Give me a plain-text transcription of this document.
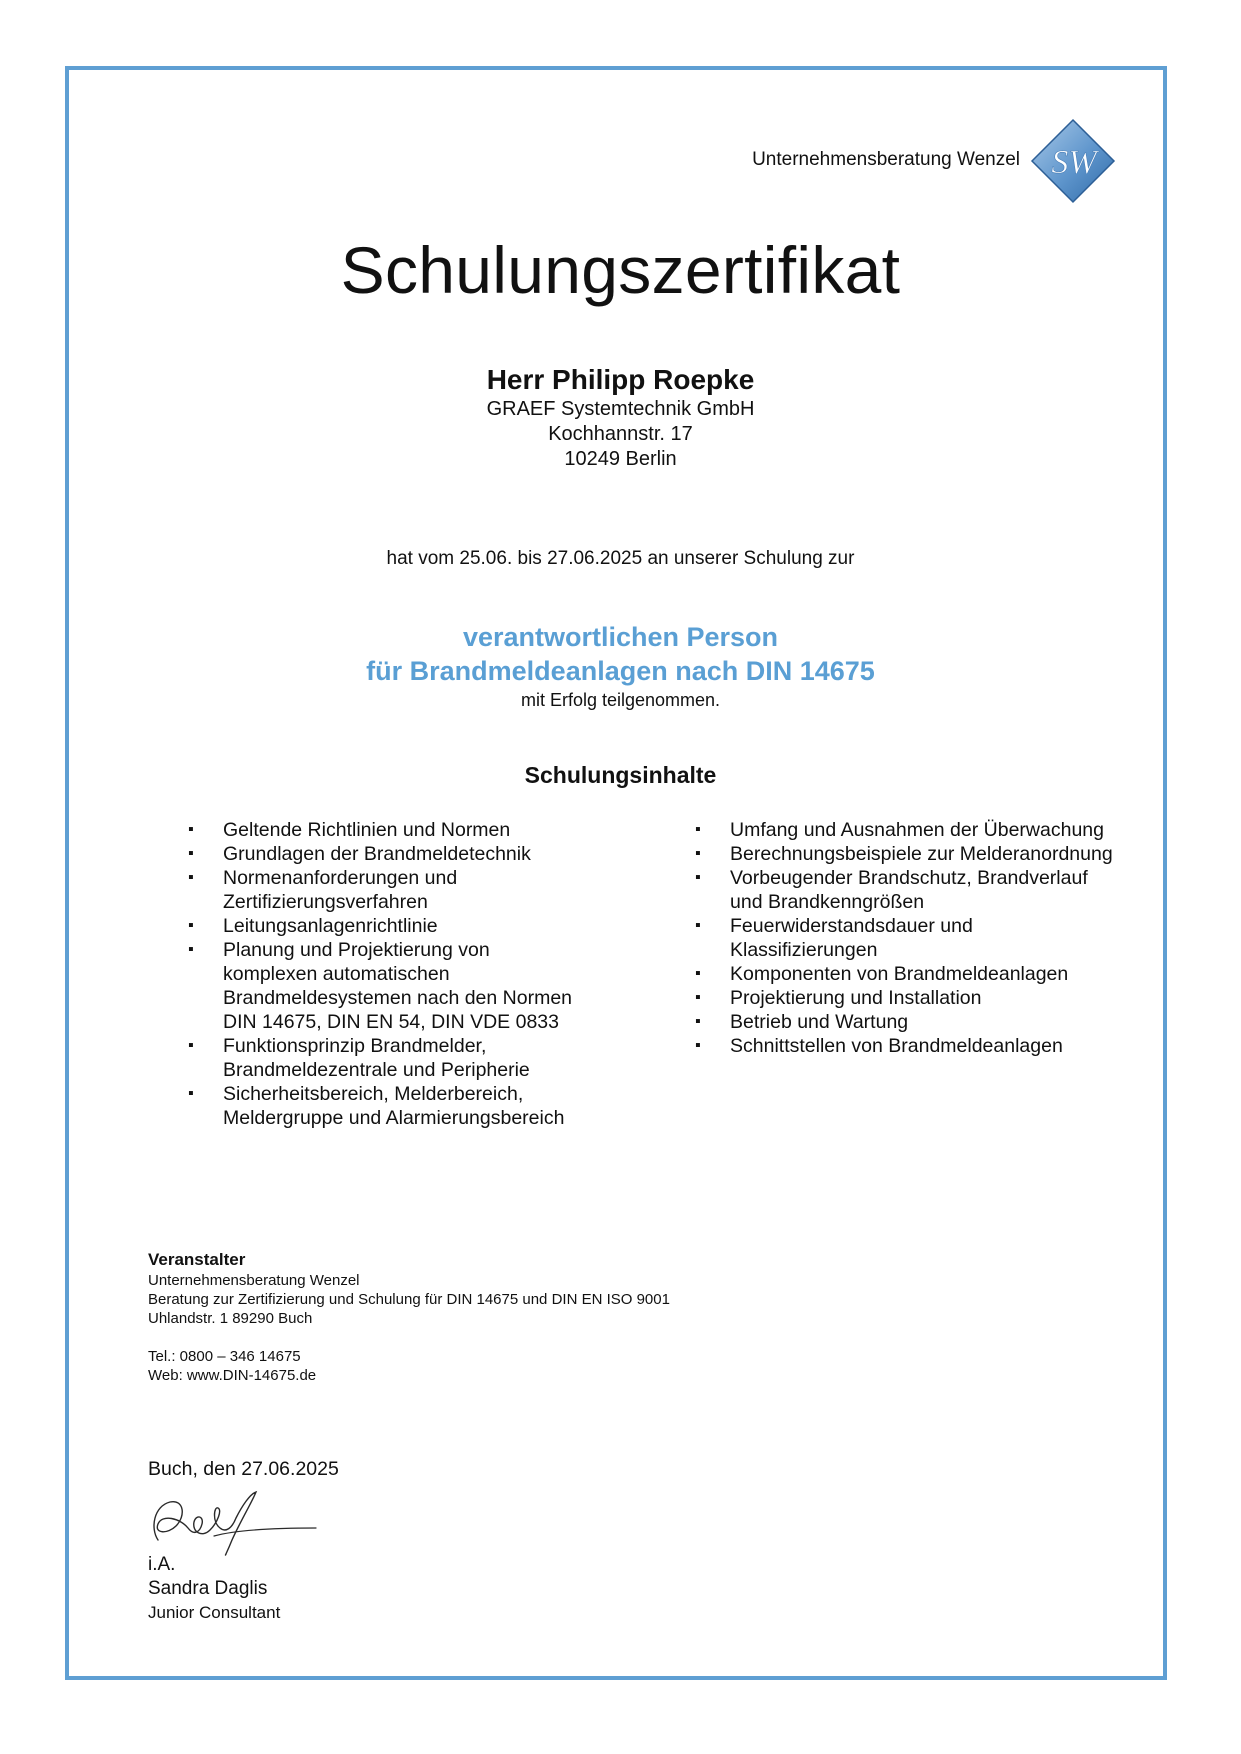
Unternehmensberatung Wenzel SW
Schulungszertifikat
Herr Philipp Roepke
GRAEF Systemtechnik GmbH
Kochhannstr. 17
10249 Berlin
hat vom 25.06. bis 27.06.2025 an unserer Schulung zur
verantwortlichen Person
für Brandmeldeanlagen nach DIN 14675
mit Erfolg teilgenommen.
Schulungsinhalte
▪ Geltende Richtlinien und Normen
▪ Grundlagen der Brandmeldetechnik
▪ Normenanforderungen und Zertifizierungsverfahren
▪ Leitungsanlagenrichtlinie
▪ Planung und Projektierung von komplexen automatischen Brandmeldesystemen nach den Normen DIN 14675, DIN EN 54, DIN VDE 0833
▪ Funktionsprinzip Brandmelder, Brandmeldezentrale und Peripherie
▪ Sicherheitsbereich, Melderbereich, Meldergruppe und Alarmierungsbereich
▪ Umfang und Ausnahmen der Überwachung
▪ Berechnungsbeispiele zur Melderanordnung
▪ Vorbeugender Brandschutz, Brandverlauf und Brandkenngrößen
▪ Feuerwiderstandsdauer und Klassifizierungen
▪ Komponenten von Brandmeldeanlagen
▪ Projektierung und Installation
▪ Betrieb und Wartung
▪ Schnittstellen von Brandmeldeanlagen
Veranstalter
Unternehmensberatung Wenzel
Beratung zur Zertifizierung und Schulung für DIN 14675 und DIN EN ISO 9001
Uhlandstr. 1 89290 Buch
Tel.: 0800 – 346 14675
Web: www.DIN-14675.de
Buch, den 27.06.2025
i.A.
Sandra Daglis
Junior Consultant
